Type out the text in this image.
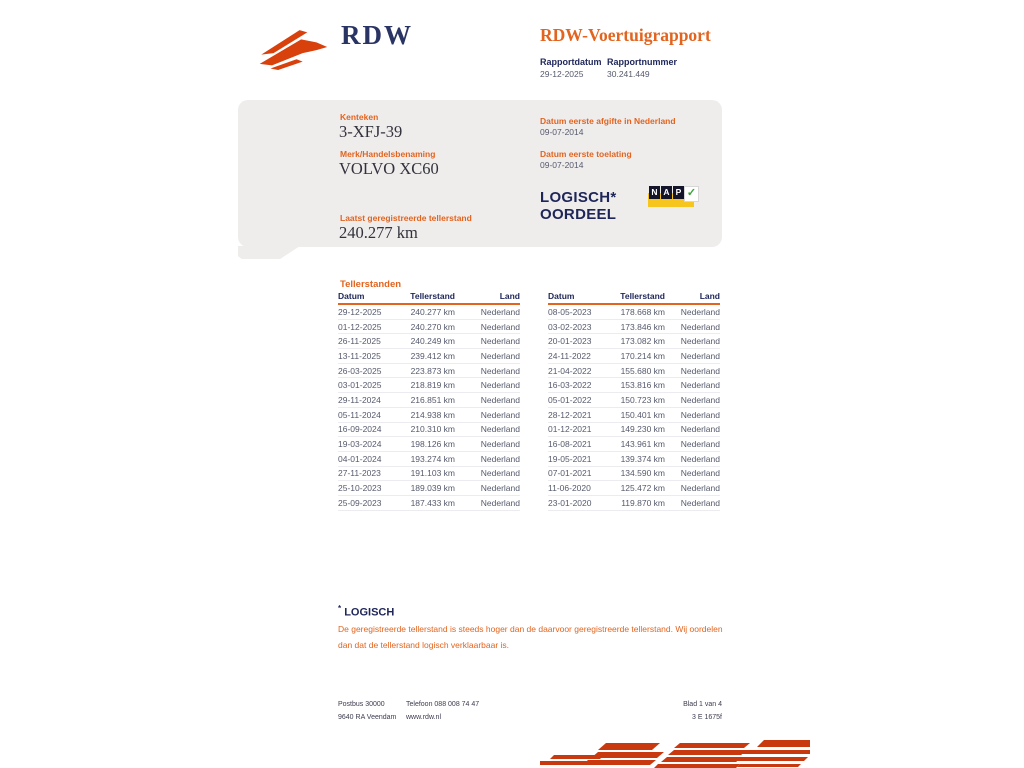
RDW	RDW-Voertuigrapport
Rapportdatum Rapportnummer
29-12-2025	30.241.449
Kenteken
3-XFJ-39
Merk/Handelsbenaming
VOLVO XC60
Laatst geregistreerde tellerstand
240.277 km
Datum eerste afgifte in Nederland
09-07-2014
Datum eerste toelating
09-07-2014
LOGISCH*
OORDEEL
N A P ✓
Tellerstanden
Datum	Tellerstand	Land
29-12-2025	240.277 km	Nederland
01-12-2025	240.270 km	Nederland
26-11-2025	240.249 km	Nederland
13-11-2025	239.412 km	Nederland
26-03-2025	223.873 km	Nederland
03-01-2025	218.819 km	Nederland
29-11-2024	216.851 km	Nederland
05-11-2024	214.938 km	Nederland
16-09-2024	210.310 km	Nederland
19-03-2024	198.126 km	Nederland
04-01-2024	193.274 km	Nederland
27-11-2023	191.103 km	Nederland
25-10-2023	189.039 km	Nederland
25-09-2023	187.433 km	Nederland
Datum	Tellerstand	Land
08-05-2023	178.668 km	Nederland
03-02-2023	173.846 km	Nederland
20-01-2023	173.082 km	Nederland
24-11-2022	170.214 km	Nederland
21-04-2022	155.680 km	Nederland
16-03-2022	153.816 km	Nederland
05-01-2022	150.723 km	Nederland
28-12-2021	150.401 km	Nederland
01-12-2021	149.230 km	Nederland
16-08-2021	143.961 km	Nederland
19-05-2021	139.374 km	Nederland
07-01-2021	134.590 km	Nederland
11-06-2020	125.472 km	Nederland
23-01-2020	119.870 km	Nederland
* LOGISCH
De geregistreerde tellerstand is steeds hoger dan de daarvoor geregistreerde tellerstand. Wij oordelen dan dat de tellerstand logisch verklaarbaar is.
Postbus 30000
9640 RA Veendam
Telefoon 088 008 74 47
www.rdw.nl
Blad 1 van 4
3 E 1675f
